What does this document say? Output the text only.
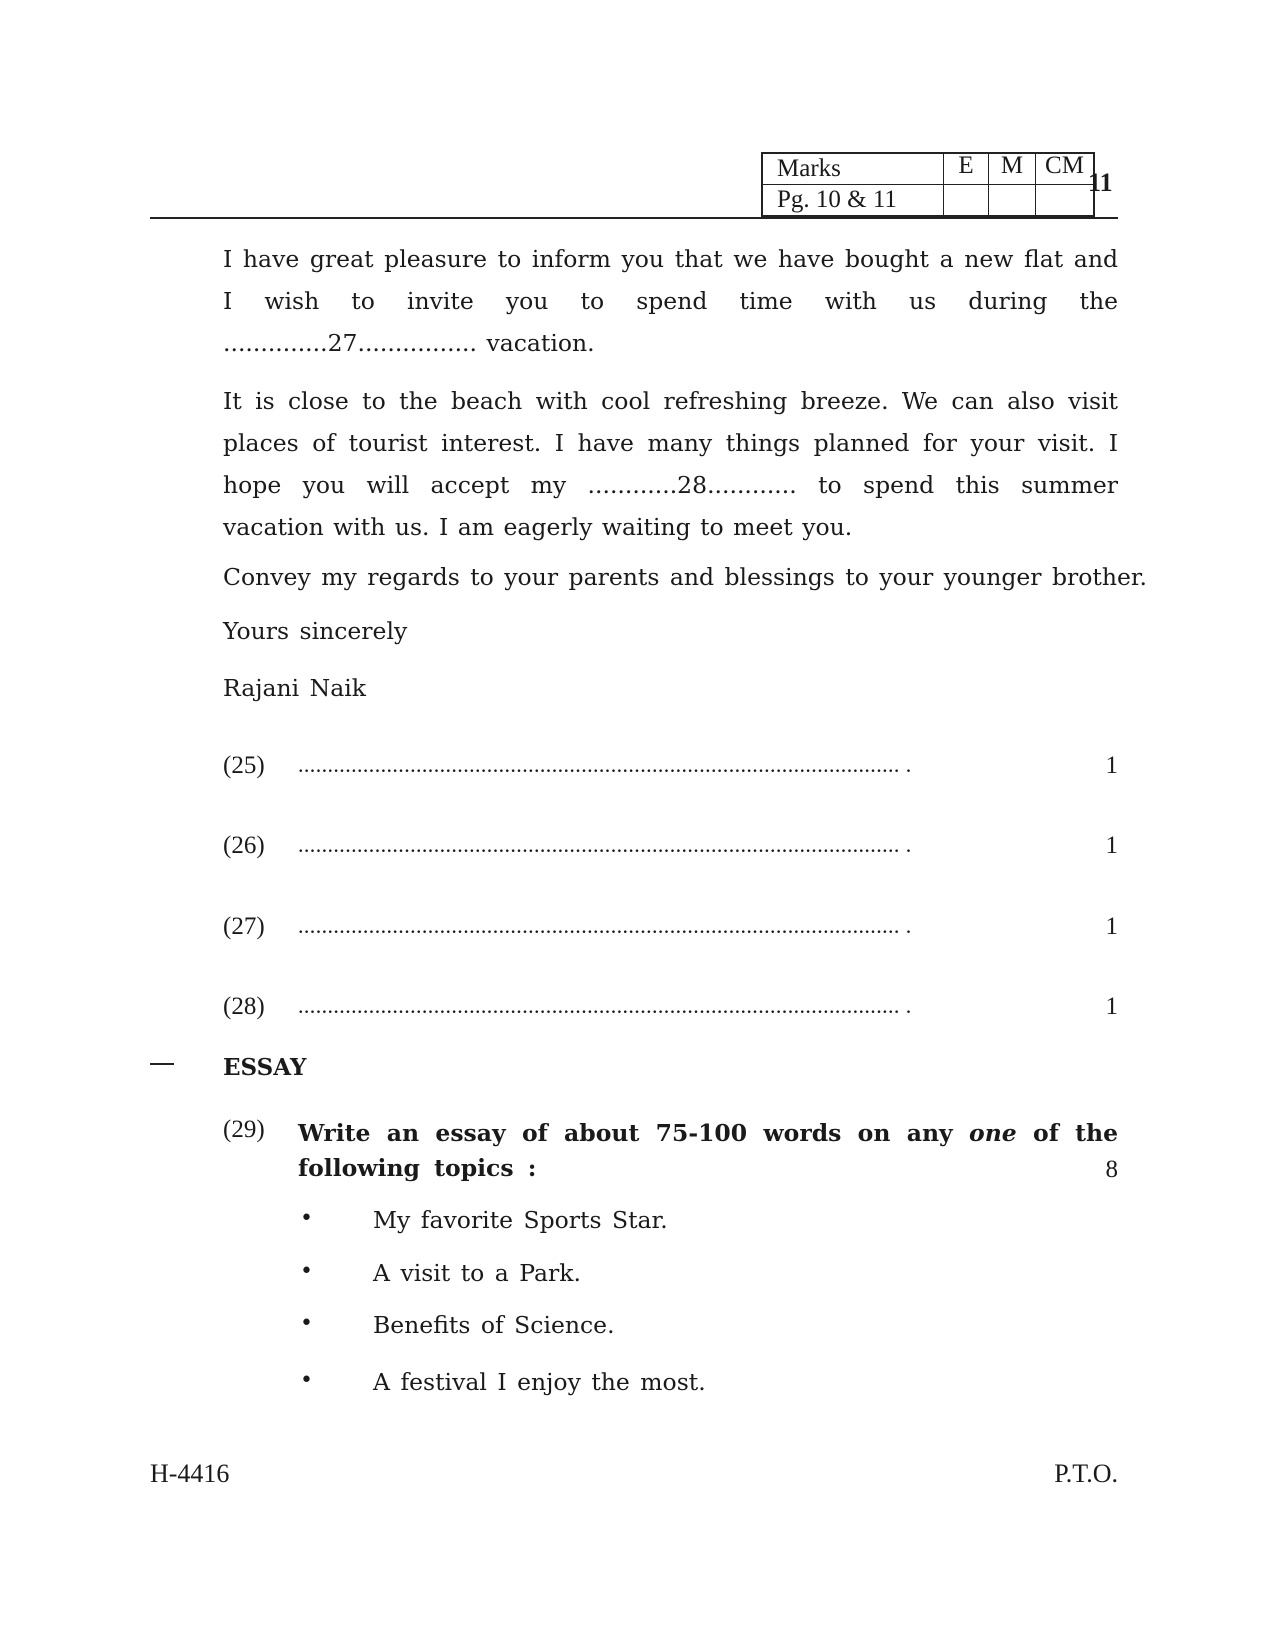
Marks	E	M	CM
Pg. 10 & 11			
11

I have great pleasure to inform you that we have bought a new flat and I wish to invite you to spend time with us during the ..............27................ vacation.

It is close to the beach with cool refreshing breeze. We can also visit places of tourist interest. I have many things planned for your visit. I hope you will accept my ............28............ to spend this summer vacation with us. I am eagerly waiting to meet you.

Convey my regards to your parents and blessings to your younger brother.

Yours sincerely

Rajani Naik

(25) ...................................................................................................... .	1
(26) ...................................................................................................... .	1
(27) ...................................................................................................... .	1
(28) ...................................................................................................... .	1

ESSAY

(29) Write an essay of about 75-100 words on any one of the

following topics :	8
•	My favorite Sports Star.
•	A visit to a Park.
•	Benefits of Science.
•	A festival I enjoy the most.
H-4416	P.T.O.
